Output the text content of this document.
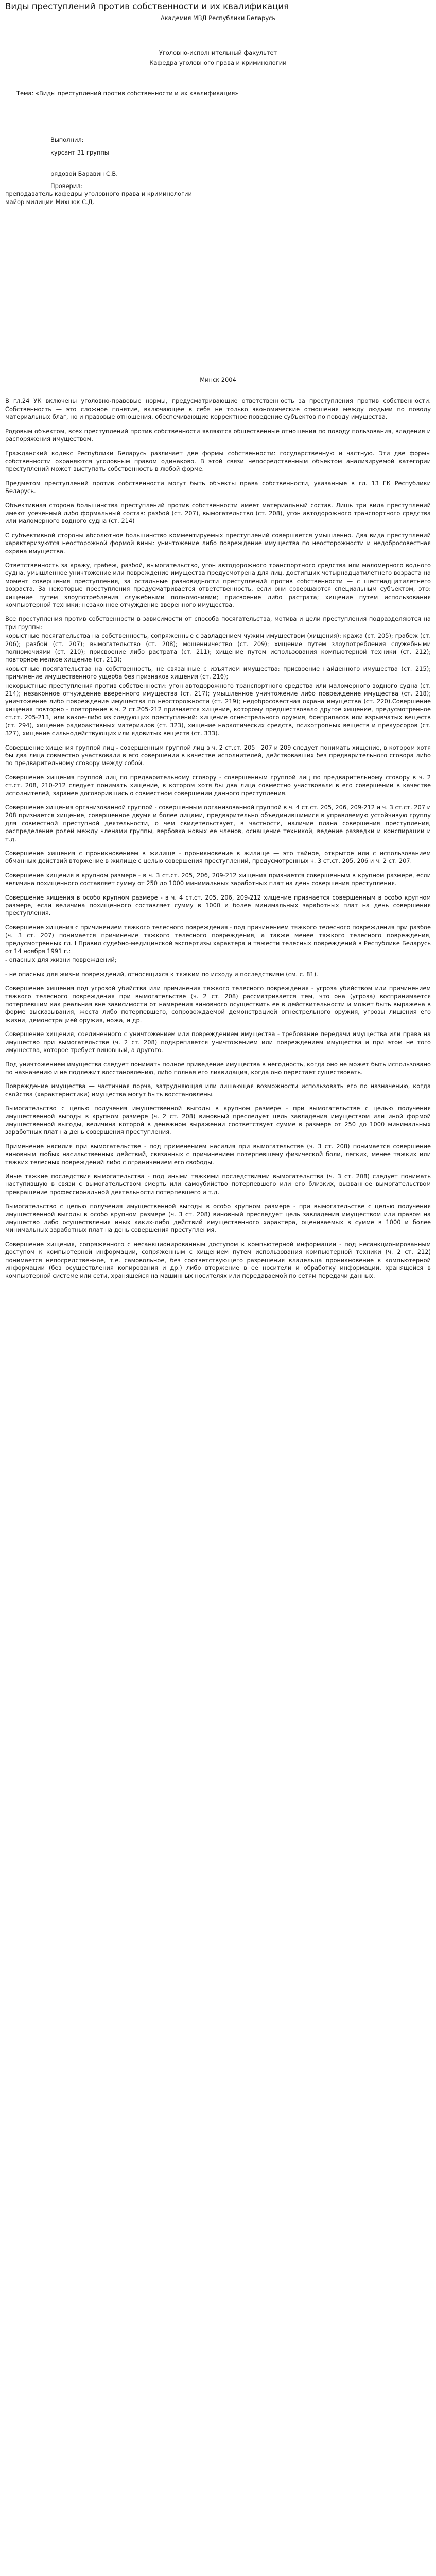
Виды преступлений против собственности и их квалификация

Академия МВД Республики Беларусь

Уголовно-исполнительный факультет

Кафедра уголовного права и криминологии

Тема: «Виды преступлений против собственности и их квалификация»

Выполнил:

курсант 31 группы

рядовой Баравин С.В.

Проверил:

преподаватель кафедры уголовного права и криминологии

майор милиции Михнюк С.Д.

Минск 2004

В гл.24 УК включены уголовно-правовые нормы, предусматривающие ответственность за преступления против собственности. Собственность — это сложное понятие, включающее в себя не только экономические отношения между людьми по поводу материальных благ, но и правовые отношения, обеспечивающие корректное поведение субъектов по поводу имущества.

Родовым объектом, всех преступлений против собственности являются общественные отношения по поводу пользования, владения и распоряжения имуществом.

Гражданский кодекс Республики Беларусь различает две формы собственности: государственную и частную. Эти две формы собственности охраняются уголовным правом одинаково. В этой связи непосредственным объектом анализируемой категории преступлений может выступать собственность в любой форме.

Предметом преступлений против собственности могут быть объекты права собственности, указанные в гл. 13 ГК Республики Беларусь.

Объективная сторона большинства преступлений против собственности имеет материальный состав. Лишь три вида преступлений имеют усеченный либо формальный состав: разбой (ст. 207), вымогательство (ст. 208), угон автодорожного транспортного средства или маломерного водного судна (ст. 214)

С субъективной стороны абсолютное большинство комментируемых преступлений совершается умышленно. Два вида преступлений характеризуются неосторожной формой вины: уничтожение либо повреждение имущества по неосторожности и недобросовестная охрана имущества.

Ответственность за кражу, грабеж, разбой, вымогательство, угон автодорожного транспортного средства или маломерного водного судна, умышленное уничтожение или повреждение имущества предусмотрена для лиц, достигших четырнадцатилетнего возраста на момент совершения преступления, за остальные разновидности преступлений против собственности — с шестнадцатилетнего возраста. За некоторые преступления предусматривается ответственность, если они совершаются специальным субъектом, это: хищение путем злоупотребления служебными полномочиями; присвоение либо растрата; хищение путем использования компьютерной техники; незаконное отчуждение вверенного имущества.

Все преступления против собственности в зависимости от способа посягательства, мотива и цели преступления подразделяются на три группы:

корыстные посягательства на собственность, сопряженные с завладением чужим имуществом (хищения): кража (ст. 205); грабеж (ст. 206); разбой (ст. 207); вымогательство (ст. 208); мошенничество (ст. 209); хищение путем злоупотребления служебными полномочиями (ст. 210); присвоение либо растрата (ст. 211); хищение путем использования компьютерной техники (ст. 212); повторное мелкое хищение (ст. 213);

корыстные посягательства на собственность, не связанные с изъятием имущества: присвоение найденного имущества (ст. 215); причинение имущественного ущерба без признаков хищения (ст. 216);

некорыстные преступления против собственности: угон автодорожного транспортного средства или маломерного водного судна (ст. 214); незаконное отчуждение вверенного имущества (ст. 217); умышленное уничтожение либо повреждение имущества (ст. 218); уничтожение либо повреждение имущества по неосторожности (ст. 219); недобросовестная охрана имущества (ст. 220).Совершение хищения повторно - повторение в ч. 2 ст.205-212 признается хищение, которому предшествовало другое хищение, предусмотренное ст.ст. 205-213, или какое-либо из следующих преступлений: хищение огнестрельного оружия, боеприпасов или взрывчатых веществ (ст. 294), хищение радиоактивных материалов (ст. 323), хищение наркотических средств, психотропных веществ и прекурсоров (ст. 327), хищение сильнодействующих или ядовитых веществ (ст. 333).

Совершение хищения группой лиц - совершенным группой лиц в ч. 2 ст.ст. 205—207 и 209 следует понимать хищение, в котором хотя бы два лица совместно участвовали в его совершении в качестве исполнителей, действовавших без предварительного сговора либо по предварительному сговору между собой.

Совершение хищения группой лиц по предварительному сговору - совершенным группой лиц по предварительному сговору в ч. 2 ст.ст. 208, 210-212 следует понимать хищение, в котором хотя бы два лица совместно участвовали в его совершении в качестве исполнителей, заранее договорившись о совместном совершении данного преступления.

Совершение хищения организованной группой - совершенным организованной группой в ч. 4 ст.ст. 205, 206, 209-212 и ч. 3 ст.ст. 207 и 208 признается хищение, совершенное двумя и более лицами, предварительно объединившимися в управляемую устойчивую группу для совместной преступной деятельности, о чем свидетельствует, в частности, наличие плана совершения преступления, распределение ролей между членами группы, вербовка новых ее членов, оснащение техникой, ведение разведки и конспирации и т.д.

Совершение хищения с проникновением в жилище - проникновение в жилище — это тайное, открытое или с использованием обманных действий вторжение в жилище с целью совершения преступлений, предусмотренных ч. 3 ст.ст. 205, 206 и ч. 2 ст. 207.

Совершение хищения в крупном размере - в ч. 3 ст.ст. 205, 206, 209-212 хищения признается совершенным в крупном размере, если величина похищенного составляет сумму от 250 до 1000 минимальных заработных плат на день совершения преступления.

Совершение хищения в особо крупном размере - в ч. 4 ст.ст. 205, 206, 209-212 хищение признается совершенным в особо крупном размере, если величина похищенного составляет сумму в 1000 и более минимальных заработных плат на день совершения преступления.

Совершение хищения с причинением тяжкого телесного повреждения - под причинением тяжкого телесного повреждения при разбое (ч. 3 ст. 207) понимается причинение тяжкого телесного повреждения, а также менее тяжкого телесного повреждения, предусмотренных гл. I Правил судебно-медицинской экспертизы характера и тяжести телесных повреждений в Республике Беларусь от 14 ноября 1991 г.:

- опасных для жизни повреждений;

- не опасных для жизни повреждений, относящихся к тяжким по исходу и последствиям (см. с. 81).

Совершение хищения под угрозой убийства или причинения тяжкого телесного повреждения - угроза убийством или причинением тяжкого телесного повреждения при вымогательстве (ч. 2 ст. 208) рассматривается тем, что она (угроза) воспринимается потерпевшим как реальная вне зависимости от намерения виновного осуществить ее в действительности и может быть выражена в форме высказывания, жеста либо потерпевшего, сопровождаемой демонстрацией огнестрельного оружия, угрозы лишения его жизни, демонстрацией оружия, ножа, и др.

Совершение хищения, соединенного с уничтожением или повреждением имущества - требование передачи имущества или права на имущество при вымогательстве (ч. 2 ст. 208) подкрепляется уничтожением или повреждением имущества и при этом не того имущества, которое требует виновный, а другого.

Под уничтожением имущества следует понимать полное приведение имущества в негодность, когда оно не может быть использовано по назначению и не подлежит восстановлению, либо полная его ликвидация, когда оно перестает существовать.

Повреждение имущества — частичная порча, затрудняющая или лишающая возможности использовать его по назначению, когда свойства (характеристики) имущества могут быть восстановлены.

Вымогательство с целью получения имущественной выгоды в крупном размере - при вымогательстве с целью получения имущественной выгоды в крупном размере (ч. 2 ст. 208) виновный преследует цель завладения имуществом или иной формой имущественной выгоды, величина которой в денежном выражении соответствует сумме в размере от 250 до 1000 минимальных заработных плат на день совершения преступления.

Применение насилия при вымогательстве - под применением насилия при вымогательстве (ч. 3 ст. 208) понимается совершение виновным любых насильственных действий, связанных с причинением потерпевшему физической боли, легких, менее тяжких или тяжких телесных повреждений либо с ограничением его свободы.

Иные тяжкие последствия вымогательства - под иными тяжкими последствиями вымогательства (ч. 3 ст. 208) следует понимать наступившую в связи с вымогательством смерть или самоубийство потерпевшего или его близких, вызванное вымогательством прекращение профессиональной деятельности потерпевшего и т.д.

Вымогательство с целью получения имущественной выгоды в особо крупном размере - при вымогательстве с целью получения имущественной выгоды в особо крупном размере (ч. 3 ст. 208) виновный преследует цель завладения имуществом или правом на имущество либо осуществления иных каких-либо действий имущественного характера, оцениваемых в сумме в 1000 и более минимальных заработных плат на день совершения преступления.

Совершение хищения, сопряженного с несанкционированным доступом к компьютерной информации - под несанкционированным доступом к компьютерной информации, сопряженным с хищением путем использования компьютерной техники (ч. 2 ст. 212) понимается непосредственное, т.е. самовольное, без соответствующего разрешения владельца проникновение к компьютерной информации (без осуществления копирования и др.) либо вторжение в ее носители и обработку информации, хранящейся в компьютерной системе или сети, хранящейся на машинных носителях или передаваемой по сетям передачи данных.
